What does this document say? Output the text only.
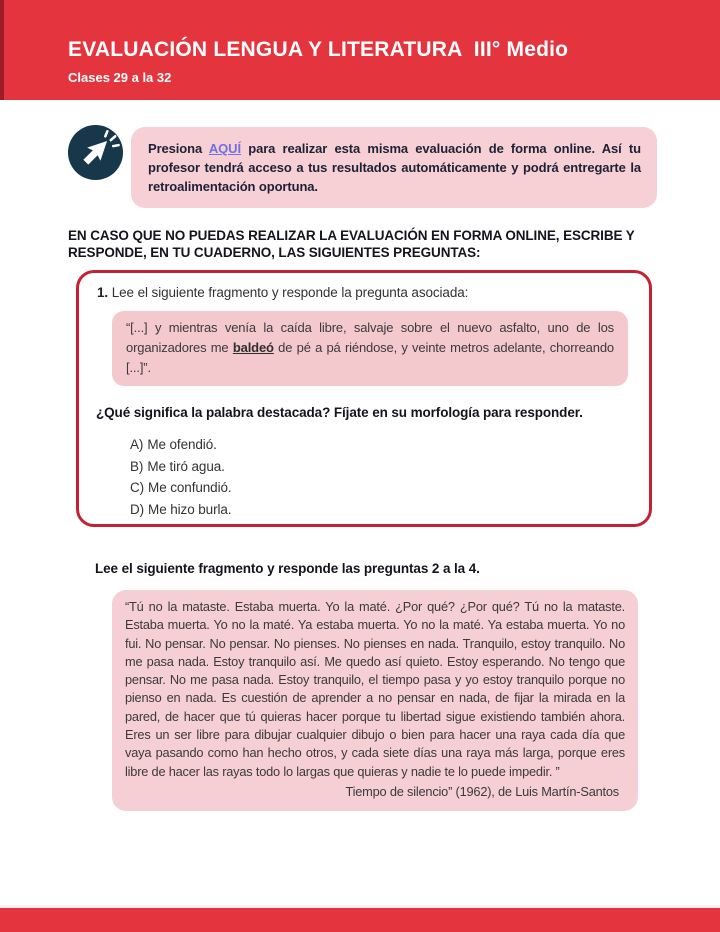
EVALUACIÓN LENGUA Y LITERATURA  III° Medio
Clases 29 a la 32
Presiona AQUÍ para realizar esta misma evaluación de forma online. Así tu profesor tendrá acceso a tus resultados automáticamente y podrá entregarte la retroalimentación oportuna.
EN CASO QUE NO PUEDAS REALIZAR LA EVALUACIÓN EN FORMA ONLINE, ESCRIBE Y RESPONDE, EN TU CUADERNO, LAS SIGUIENTES PREGUNTAS:
1. Lee el siguiente fragmento y responde la pregunta asociada:
“[...] y mientras venía la caída libre, salvaje sobre el nuevo asfalto, uno de los organizadores me baldeó de pé a pá riéndose, y veinte metros adelante, chorreando [...]”.
¿Qué significa la palabra destacada? Fíjate en su morfología para responder.
A) Me ofendió.
B) Me tiró agua.
C) Me confundió.
D) Me hizo burla.
Lee el siguiente fragmento y responde las preguntas 2 a la 4.
“Tú no la mataste. Estaba muerta. Yo la maté. ¿Por qué? ¿Por qué? Tú no la mataste. Estaba muerta. Yo no la maté. Ya estaba muerta. Yo no la maté. Ya estaba muerta. Yo no fui. No pensar. No pensar. No pienses. No pienses en nada. Tranquilo, estoy tranquilo. No me pasa nada. Estoy tranquilo así. Me quedo así quieto. Estoy esperando. No tengo que pensar. No me pasa nada. Estoy tranquilo, el tiempo pasa y yo estoy tranquilo porque no pienso en nada. Es cuestión de aprender a no pensar en nada, de fijar la mirada en la pared, de hacer que tú quieras hacer porque tu libertad sigue existiendo también ahora. Eres un ser libre para dibujar cualquier dibujo o bien para hacer una raya cada día que vaya pasando como han hecho otros, y cada siete días una raya más larga, porque eres libre de hacer las rayas todo lo largas que quieras y nadie te lo puede impedir. ”
Tiempo de silencio” (1962), de Luis Martín-Santos
